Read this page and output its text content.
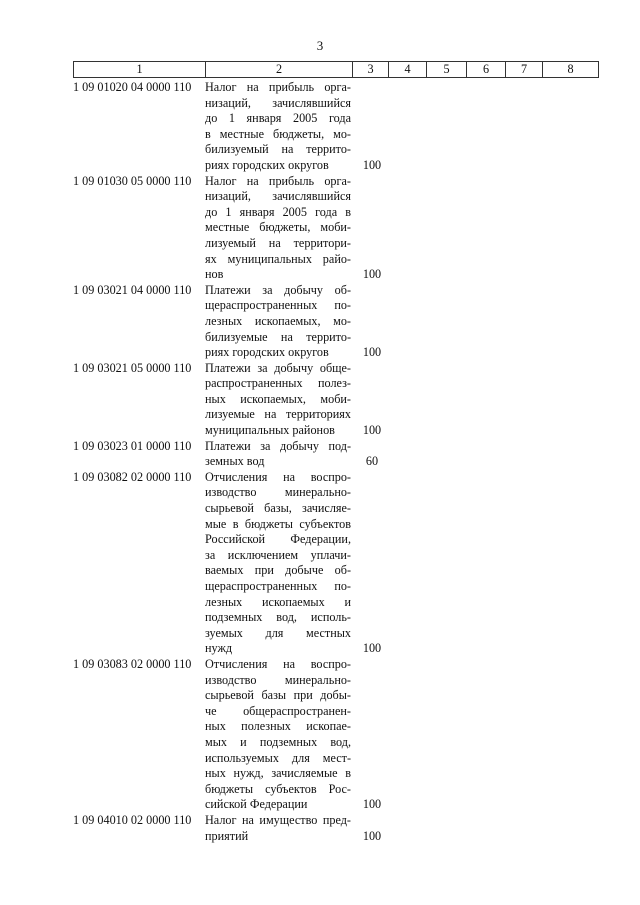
3
1	2	3	4	5	6	7	8
1 09 01020 04 0000 110	Налог на прибыль орга-
низаций, зачислявшийся
до 1 января 2005 года
в местные бюджеты, мо-
билизуемый на террито-
риях городских округов	100
1 09 01030 05 0000 110	Налог на прибыль орга-
низаций, зачислявшийся
до 1 января 2005 года в
местные бюджеты, моби-
лизуемый на территори-
ях муниципальных райо-
нов	100
1 09 03021 04 0000 110	Платежи за добычу об-
щераспространенных по-
лезных ископаемых, мо-
билизуемые на террито-
риях городских округов	100
1 09 03021 05 0000 110	Платежи за добычу обще-
распространенных полез-
ных ископаемых, моби-
лизуемые на территориях
муниципальных районов	100
1 09 03023 01 0000 110	Платежи за добычу под-
земных вод	60
1 09 03082 02 0000 110	Отчисления на воспро-
изводство минерально-
сырьевой базы, зачисляе-
мые в бюджеты субъектов
Российской Федерации,
за исключением уплачи-
ваемых при добыче об-
щераспространенных по-
лезных ископаемых и
подземных вод, исполь-
зуемых для местных
нужд	100
1 09 03083 02 0000 110	Отчисления на воспро-
изводство минерально-
сырьевой базы при добы-
че общераспространен-
ных полезных ископае-
мых и подземных вод,
используемых для мест-
ных нужд, зачисляемые в
бюджеты субъектов Рос-
сийской Федерации	100
1 09 04010 02 0000 110	Налог на имущество пред-
приятий	100
